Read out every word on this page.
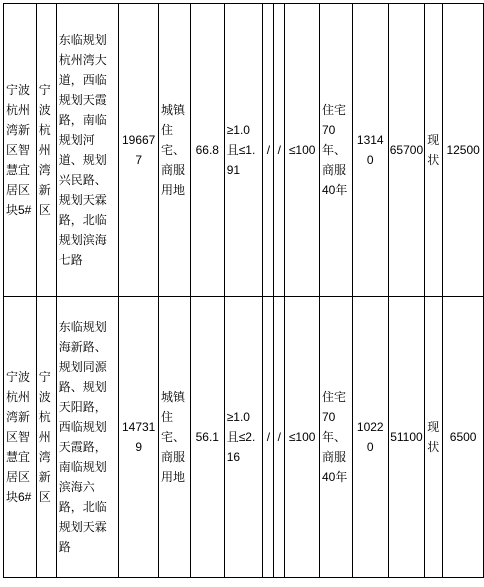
宁波杭州湾新区智慧宜居区块5#	宁波杭州湾新区	东临规划杭州湾大道，西临规划天霞路，南临规划河道、规划兴民路、规划天霖路，北临规划滨海七路	196677	城镇住宅、商服用地	66.8	≥1.0且≤1.91	/	/	≤100	住宅70年、商服40年	13140	65700	现状	12500
宁波杭州湾新区智慧宜居区块6#	宁波杭州湾新区	东临规划海新路、规划同源路、规划天阳路，西临规划天霞路，南临规划滨海六路，北临规划天霖路	147319	城镇住宅、商服用地	56.1	≥1.0且≤2.16	/	/	≤100	住宅70年、商服40年	10220	51100	现状	6500
